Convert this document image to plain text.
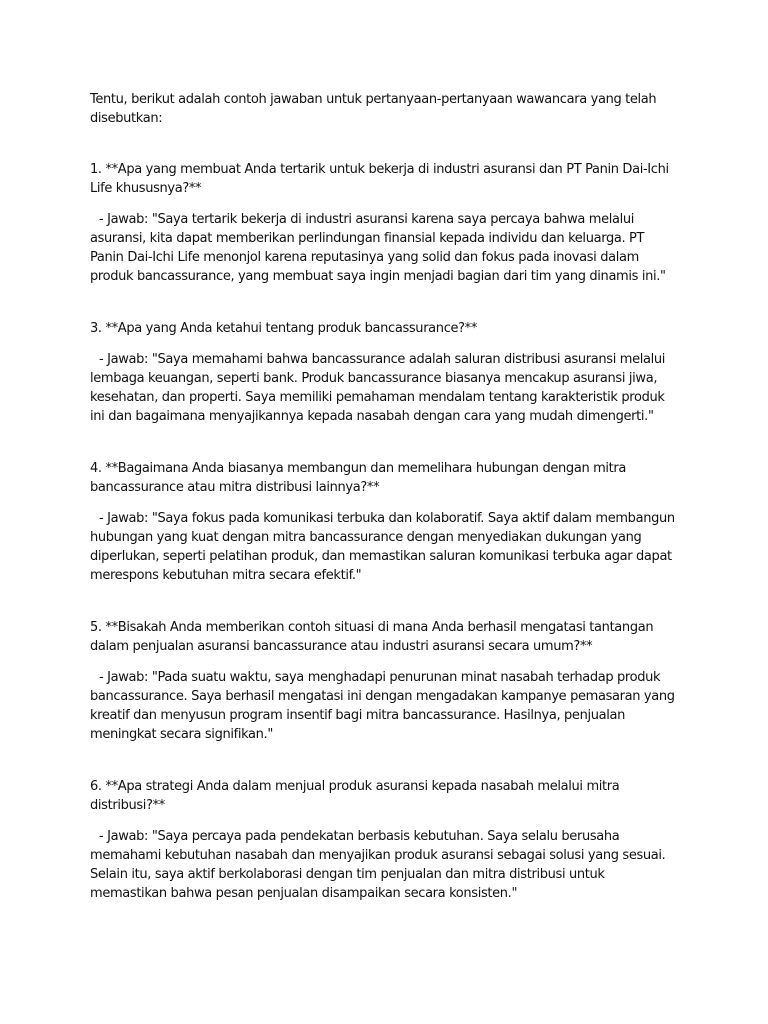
Tentu, berikut adalah contoh jawaban untuk pertanyaan-pertanyaan wawancara yang telah disebutkan:

1. **Apa yang membuat Anda tertarik untuk bekerja di industri asuransi dan PT Panin Dai-Ichi Life khususnya?**

- Jawab: "Saya tertarik bekerja di industri asuransi karena saya percaya bahwa melalui asuransi, kita dapat memberikan perlindungan finansial kepada individu dan keluarga. PT Panin Dai-Ichi Life menonjol karena reputasinya yang solid dan fokus pada inovasi dalam produk bancassurance, yang membuat saya ingin menjadi bagian dari tim yang dinamis ini."

3. **Apa yang Anda ketahui tentang produk bancassurance?**

- Jawab: "Saya memahami bahwa bancassurance adalah saluran distribusi asuransi melalui lembaga keuangan, seperti bank. Produk bancassurance biasanya mencakup asuransi jiwa, kesehatan, dan properti. Saya memiliki pemahaman mendalam tentang karakteristik produk ini dan bagaimana menyajikannya kepada nasabah dengan cara yang mudah dimengerti."

4. **Bagaimana Anda biasanya membangun dan memelihara hubungan dengan mitra bancassurance atau mitra distribusi lainnya?**

- Jawab: "Saya fokus pada komunikasi terbuka dan kolaboratif. Saya aktif dalam membangun hubungan yang kuat dengan mitra bancassurance dengan menyediakan dukungan yang diperlukan, seperti pelatihan produk, dan memastikan saluran komunikasi terbuka agar dapat merespons kebutuhan mitra secara efektif."

5. **Bisakah Anda memberikan contoh situasi di mana Anda berhasil mengatasi tantangan dalam penjualan asuransi bancassurance atau industri asuransi secara umum?**

- Jawab: "Pada suatu waktu, saya menghadapi penurunan minat nasabah terhadap produk bancassurance. Saya berhasil mengatasi ini dengan mengadakan kampanye pemasaran yang kreatif dan menyusun program insentif bagi mitra bancassurance. Hasilnya, penjualan meningkat secara signifikan."

6. **Apa strategi Anda dalam menjual produk asuransi kepada nasabah melalui mitra distribusi?**

- Jawab: "Saya percaya pada pendekatan berbasis kebutuhan. Saya selalu berusaha memahami kebutuhan nasabah dan menyajikan produk asuransi sebagai solusi yang sesuai. Selain itu, saya aktif berkolaborasi dengan tim penjualan dan mitra distribusi untuk memastikan bahwa pesan penjualan disampaikan secara konsisten."
